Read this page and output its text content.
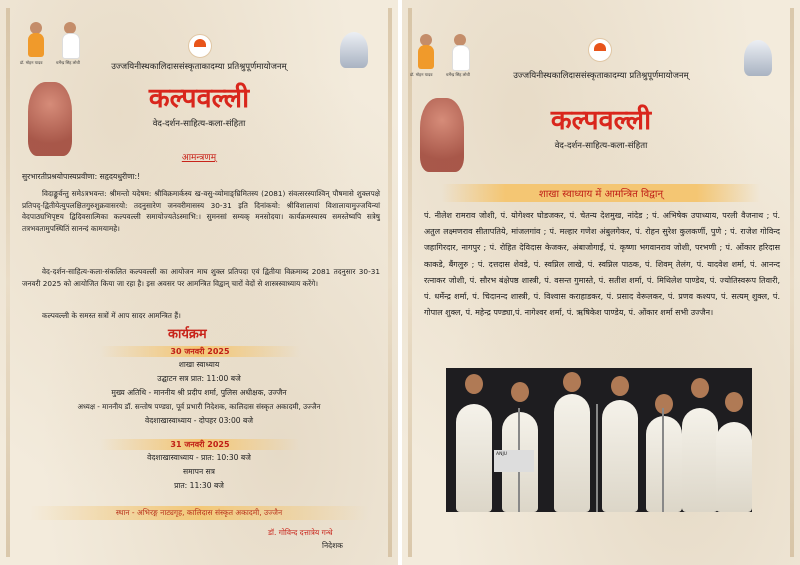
डॉ. मोहन यादव	धर्मेन्द्र सिंह लोधी	उज्जयिनीस्थकालिदाससंस्कृताकादम्या प्रतिश्रुपूर्णमायोजनम्
कल्पवल्ली
वेद-दर्शन-साहित्य-कला-संहिता
आमन्त्रणम्
सुरभारतीप्रश्रयोपास्यप्रवीणा: सहृदयधुरीणा:!
विदाङ्कुर्वन्तु समेऽत्रभवन्त: श्रीमन्तो यदेषम: श्रीविक्रमार्कस्य ख-वसु-व्योमाङ्घ्रिमितस्य (2081) संवत्सरस्याश्विन् पौषमासे शुक्लपक्षे प्रतिपद्-द्वितीयेत्युपलक्षितगुरुशुक्रवासरयो: तदनुसारेण जनवरीमासस्य 30-31 इति दिनांकयो: श्रीविशालायां विशालायामुज्जयिन्यां वेदपाठ्यभिपृष्टय द्विदिवसात्मिका कल्पवल्ली समायोज्यतेऽस्माभि:। सुमनसां सम्यक् मनसोदया। कार्यक्रमस्यास्य समस्तेष्वपि सत्रेषु तत्रभवतामुपस्थितिं सानन्दं कामयामहे।
वेद-दर्शन-साहित्य-कला-संकलित कल्पवल्ली का आयोजन माघ शुक्ल प्रतिपदा एवं द्वितीया विक्रमाब्द 2081 तदनुसार 30-31 जनवरी 2025 को आयोजित किया जा रहा है। इस अवसर पर आमन्त्रित विद्वान् चारों वेदों से शास्त्रस्वाध्याय करेंगे।
कल्पवल्ली के समस्त सत्रों में आप सादर आमन्त्रित हैं।
कार्यक्रम
30 जनवरी 2025
शाखा स्वाध्याय
उद्घाटन सत्र प्रात: 11:00 बजे
मुख्य अतिथि - माननीय श्री प्रदीप शर्मा, पुलिस अधीक्षक, उज्जैन
अध्यक्ष - माननीय डॉ. सन्तोष पण्ड्या, पूर्व प्रभारी निदेशक, कालिदास संस्कृत अकादमी, उज्जैन
वेदशाखास्वाध्याय - दोपहर 03:00 बजे
31 जनवरी 2025
वेदशाखास्वाध्याय - प्रात: 10:30 बजे
समापन सत्र
प्रात: 11:30 बजे
स्थान - अभिरङ्ग नाट्यगृह, कालिदास संस्कृत अकादमी, उज्जैन
डॉ. गोविन्द दत्तात्रेय गन्धे
निदेशक
डॉ. मोहन यादव	धर्मेन्द्र सिंह लोधी	उज्जयिनीस्थकालिदाससंस्कृताकादम्या प्रतिश्रुपूर्णमायोजनम्
कल्पवल्ली
वेद-दर्शन-साहित्य-कला-संहिता
शाखा स्वाध्याय में आमन्त्रित विद्वान्
पं. नीलेश रामराव जोशी, पं. योगेश्वर घोडजकर, पं. चेतन्य देशमुख, नांदेड ; पं. अभिषेक उपाध्याय, परली वैजनाथ ; पं. अतुल लक्ष्मणराव सीतापतिये, मांजलगांव ; पं. मल्हार गणेश अंबुलगेकर, पं. रोहन सुरेश कुलकर्णी, पुणे ; पं. राजेश गोविन्द जहागिरदार, नागपुर ; पं. रोहित देविदास केजकर, अंबाजोगाई, पं. कृष्णा भगवानराव जोशी, परभणी ; पं. ओंकार हरिदास काकडे, बैंगलुरु ; पं. दत्तदास शेवडे, पं. स्वप्निल लाखे, पं. स्वप्निल पाठक, पं. शिवम् तेलंग, पं. यादवेश शर्मा, पं. आनन्द रत्नाकर जोशी, पं. सौरभ बंक्षेपष्ठ शास्त्री, पं. वसन्त गुमास्ते, पं. सतीश शर्मा, पं. मिथिलेश पाण्डेय, पं. ज्योतिस्वरूप तिवारी, पं. धर्मेन्द्र शर्मा, पं. चिदानन्द शास्त्री, पं. विश्वास कराहाडकर, पं. प्रसाद वेरूलकर, पं. प्रणव कश्यप, पं. सत्यम् शुक्ल, पं. गोपाल शुक्ल, पं. महेन्द्र पण्ड्या,पं. नागेश्वर शर्मा, पं. ऋषिकेश पाण्डेय, पं. ओंकार शर्मा सभी उज्जैन।
ANJU
